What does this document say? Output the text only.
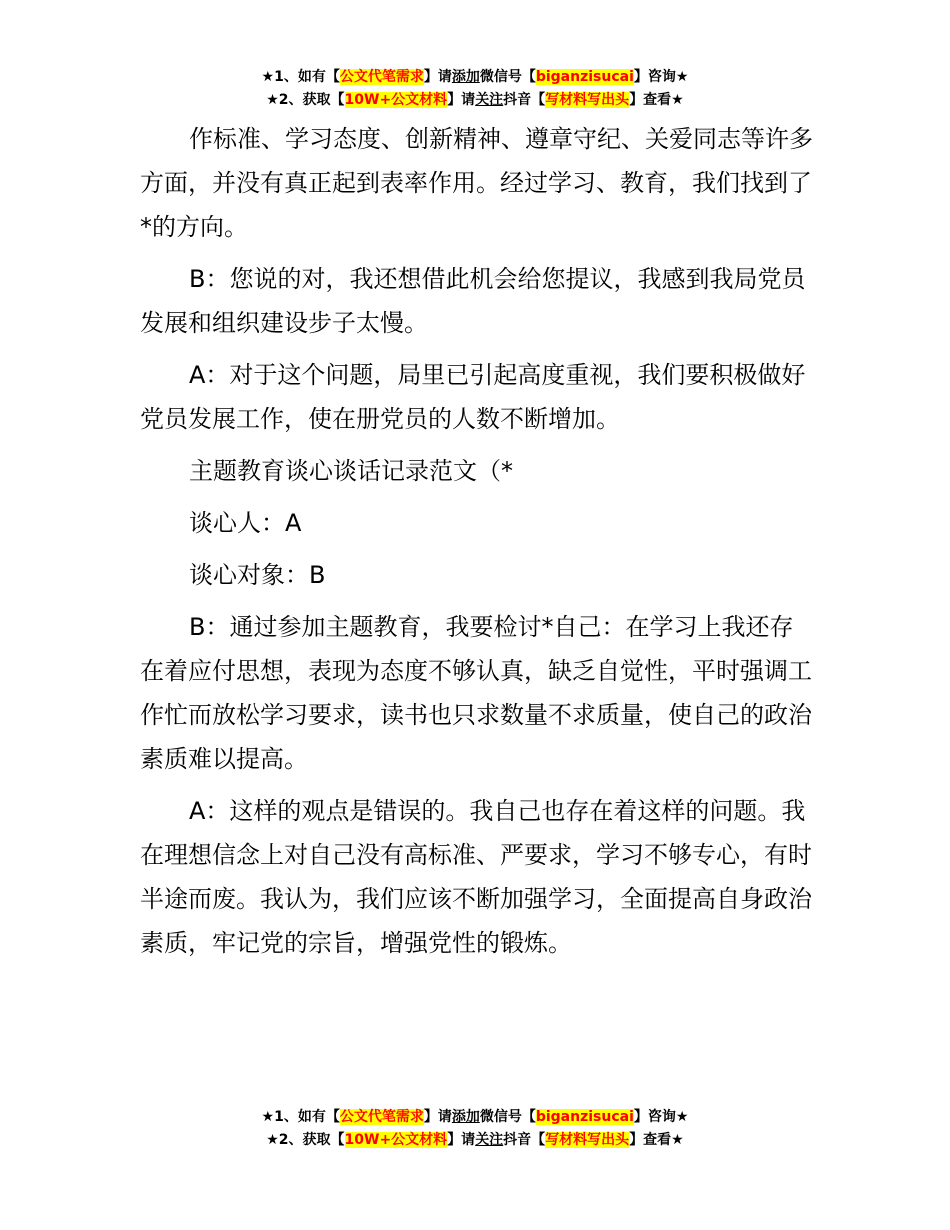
★1、如有【公文代笔需求】请添加微信号【biganzisucai】咨询★
★2、获取【10W+公文材料】请关注抖音【写材料写出头】查看★

作标准、学习态度、创新精神、遵章守纪、关爱同志等许多方面，并没有真正起到表率作用。经过学习、教育，我们找到了*的方向。

B：您说的对，我还想借此机会给您提议，我感到我局党员发展和组织建设步子太慢。

A：对于这个问题，局里已引起高度重视，我们要积极做好党员发展工作，使在册党员的人数不断增加。

主题教育谈心谈话记录范文（*

谈心人：A

谈心对象：B

B：通过参加主题教育，我要检讨*自己：在学习上我还存在着应付思想，表现为态度不够认真，缺乏自觉性，平时强调工作忙而放松学习要求，读书也只求数量不求质量，使自己的政治素质难以提高。

A：这样的观点是错误的。我自己也存在着这样的问题。我在理想信念上对自己没有高标准、严要求，学习不够专心，有时半途而废。我认为，我们应该不断加强学习，全面提高自身政治素质，牢记党的宗旨，增强党性的锻炼。

★1、如有【公文代笔需求】请添加微信号【biganzisucai】咨询★
★2、获取【10W+公文材料】请关注抖音【写材料写出头】查看★
